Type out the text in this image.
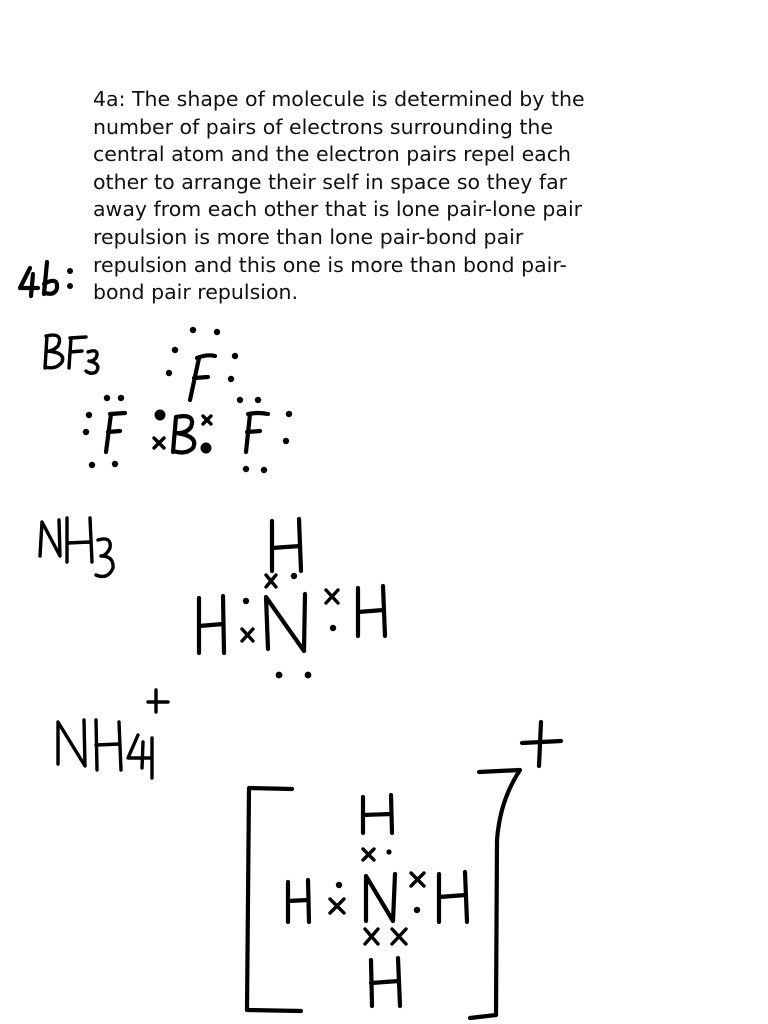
4a: The shape of molecule is determined by the
number of pairs of electrons surrounding the
central atom and the electron pairs repel each
other to arrange their self in space so they far
away from each other that is lone pair-lone pair
repulsion is more than lone pair-bond pair
repulsion and this one is more than bond pair-
bond pair repulsion.
